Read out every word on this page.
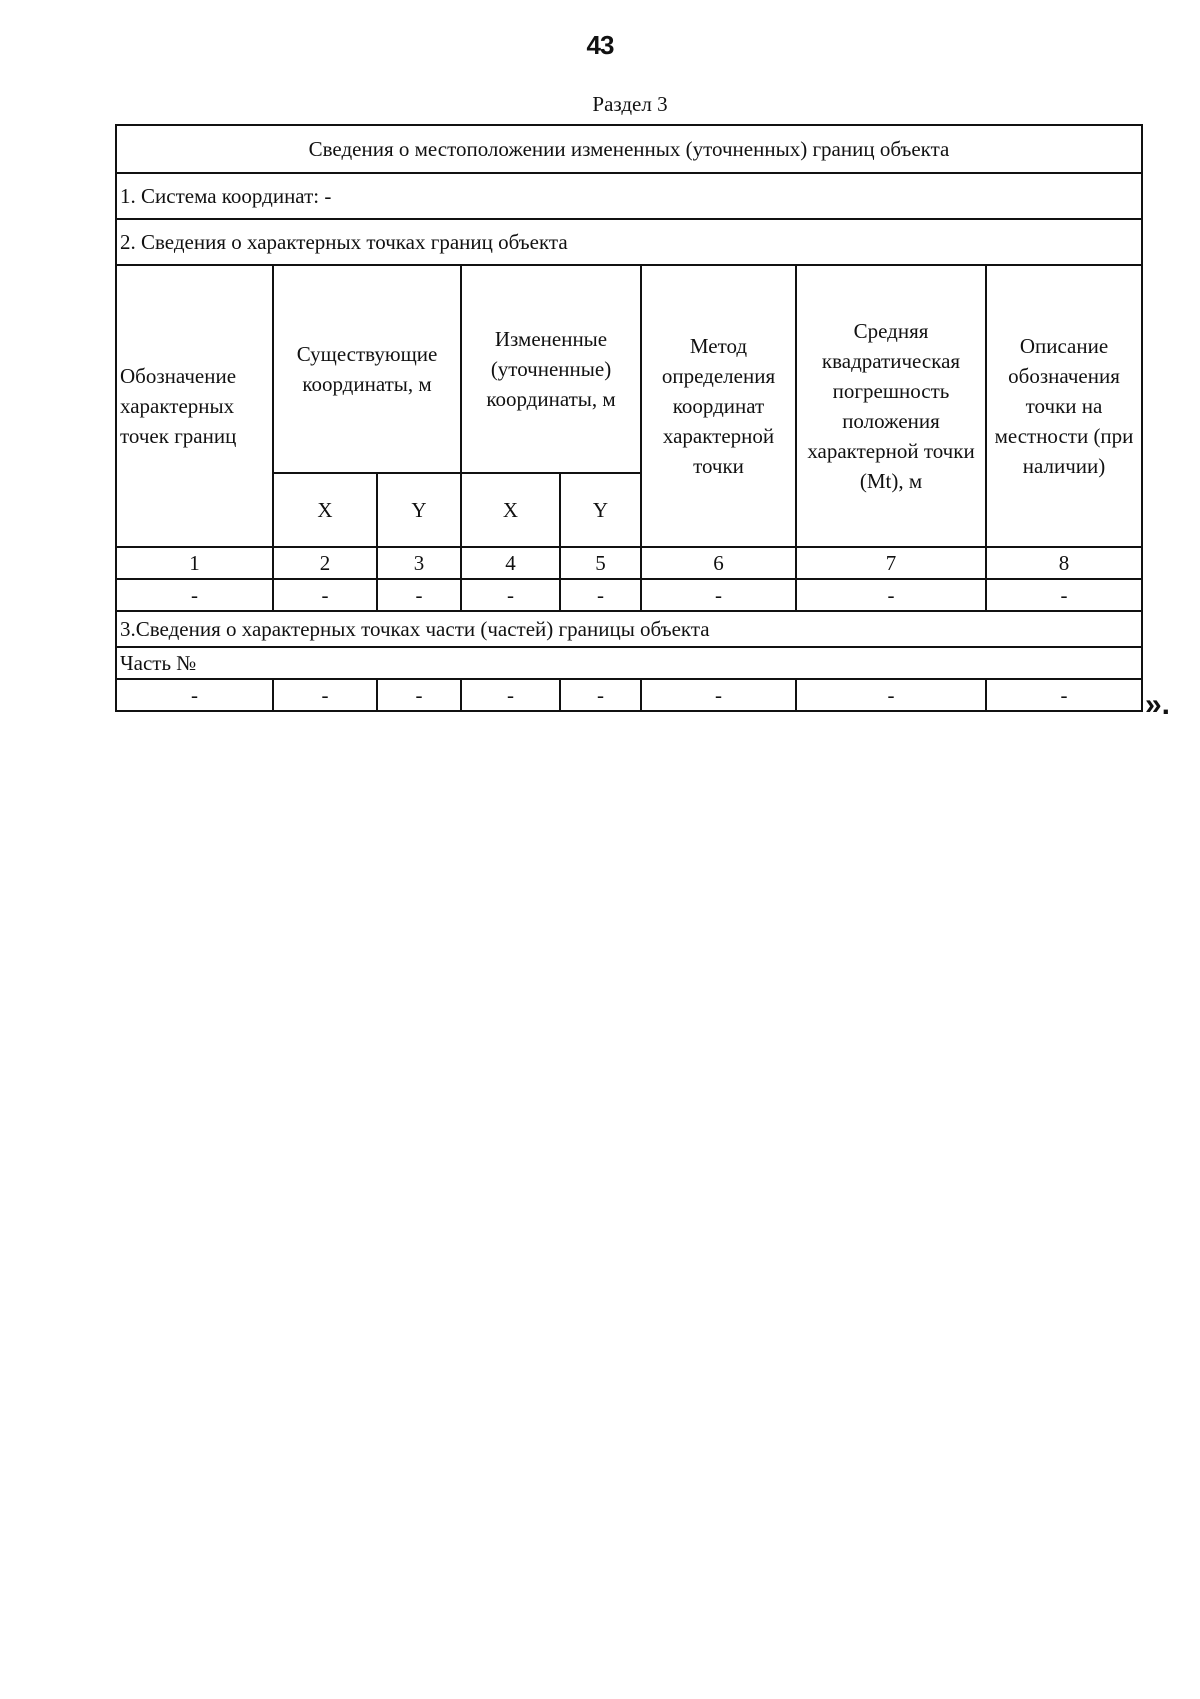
43
Раздел 3
Сведения о местоположении измененных (уточненных) границ объекта							
1. Система координат: -							
2. Сведения о характерных точках границ объекта							
Обозначение характерных точек границ	Существующие координаты, м		Измененные (уточненные) координаты, м		Метод определения координат характерной точки	Средняя квадратическая погрешность положения характерной точки (Mt), м	Описание обозначения точки на местности (при наличии)
	X	Y	X	Y			
1	2	3	4	5	6	7	8
-	-	-	-	-	-	-	-
3.Сведения о характерных точках части (частей) границы объекта							
Часть №							
-	-	-	-	-	-	-	-	».
